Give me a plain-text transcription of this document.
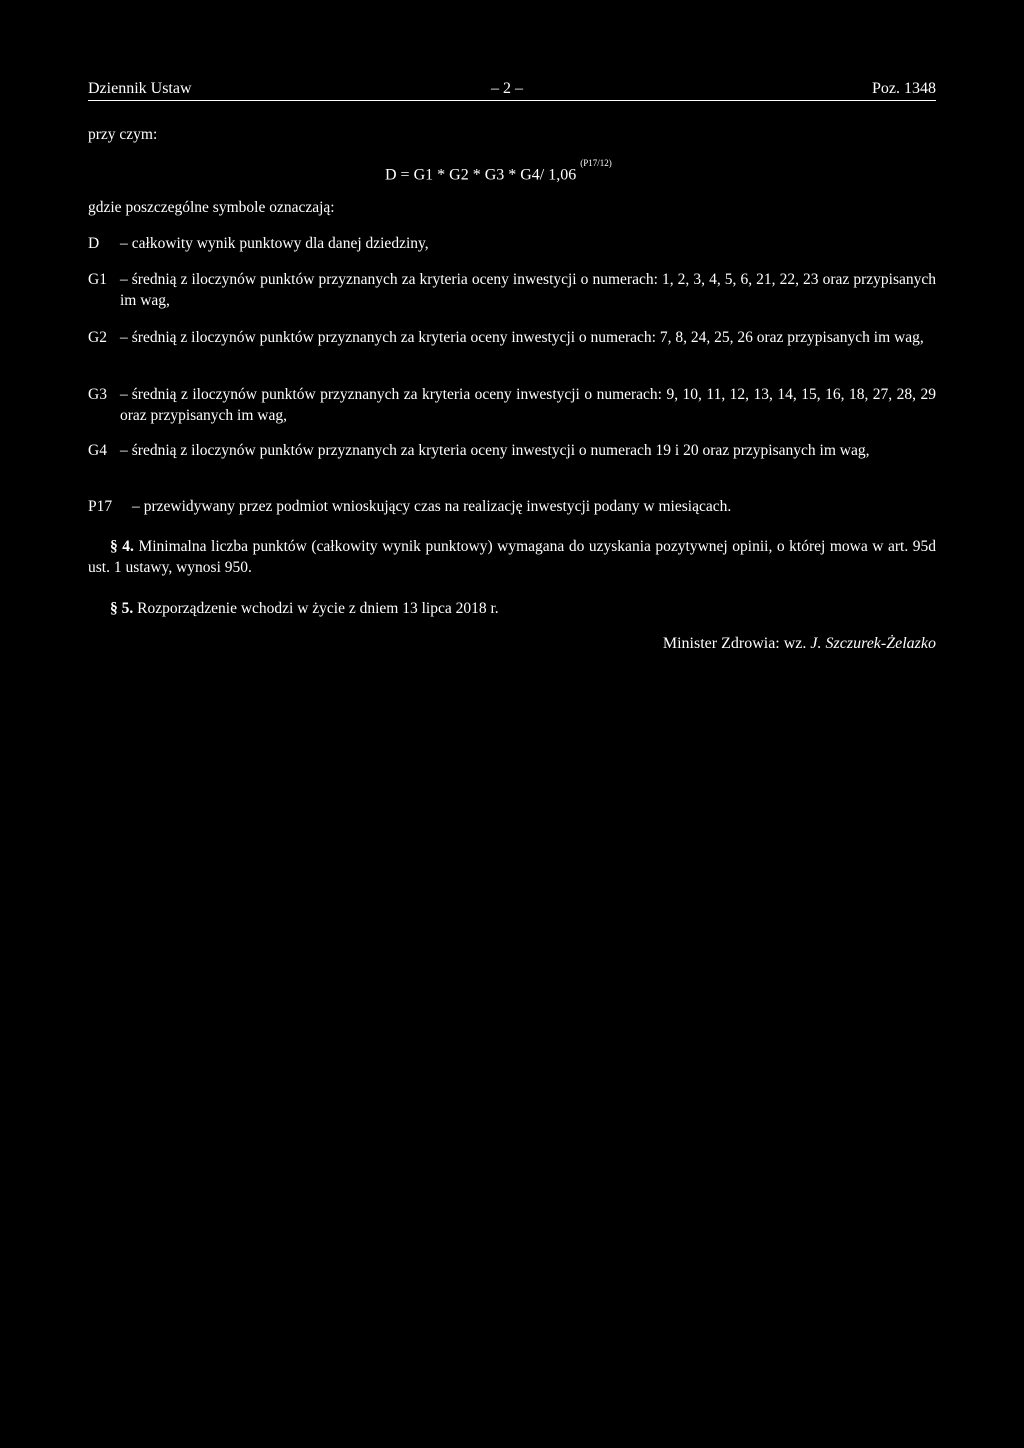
Dziennik Ustaw	– 2 –	Poz. 1348
przy czym:
D = G1 * G2 * G3 * G4/ 1,06 $^{(P17/12)}$
gdzie poszczególne symbole oznaczają:
D – całkowity wynik punktowy dla danej dziedziny,
G1 – średnią z iloczynów punktów przyznanych za kryteria oceny inwestycji o numerach: 1, 2, 3, 4, 5, 6, 21, 22, 23 oraz przypisanych im wag,
G2 – średnią z iloczynów punktów przyznanych za kryteria oceny inwestycji o numerach: 7, 8, 24, 25, 26 oraz przypisanych im wag,
G3 – średnią z iloczynów punktów przyznanych za kryteria oceny inwestycji o numerach: 9, 10, 11, 12, 13, 14, 15, 16, 18, 27, 28, 29 oraz przypisanych im wag,
G4 – średnią z iloczynów punktów przyznanych za kryteria oceny inwestycji o numerach 19 i 20 oraz przypisanych im wag,
P17 – przewidywany przez podmiot wnioskujący czas na realizację inwestycji podany w miesiącach.
§ 4. Minimalna liczba punktów (całkowity wynik punktowy) wymagana do uzyskania pozytywnej opinii, o której mowa w art. 95d ust. 1 ustawy, wynosi 950.
§ 5. Rozporządzenie wchodzi w życie z dniem 13 lipca 2018 r.
Minister Zdrowia: wz. J. Szczurek-Żelazko
